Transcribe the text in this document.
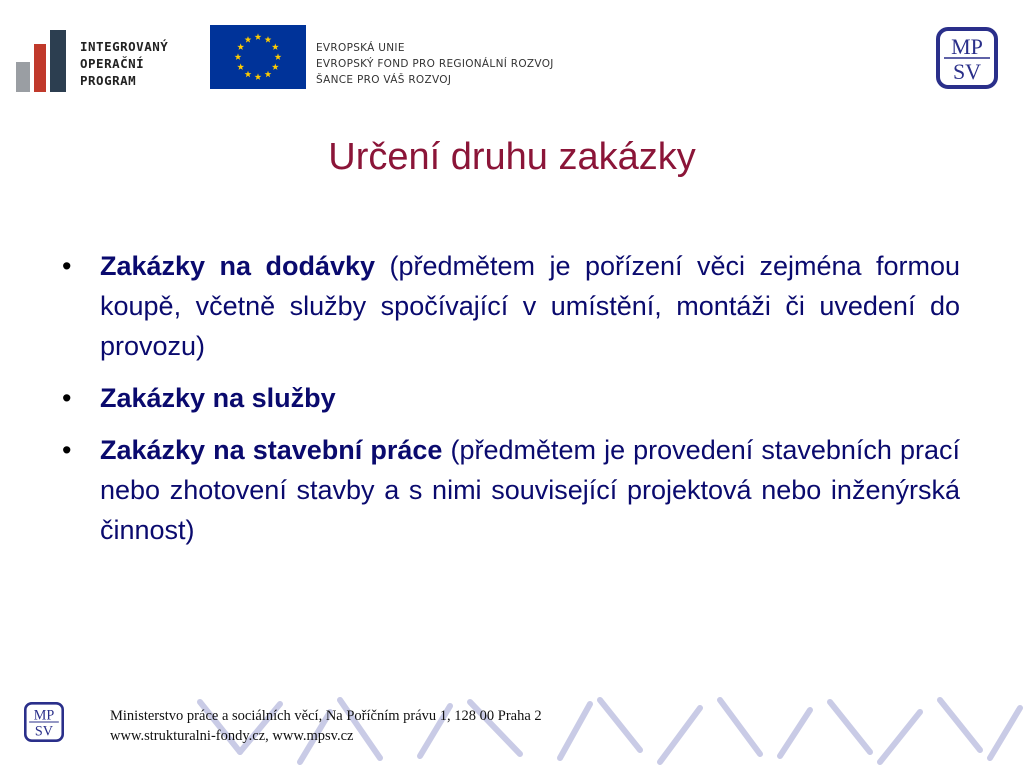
INTEGROVANÝ
OPERAČNÍ
PROGRAM
EVROPSKÁ UNIE
EVROPSKÝ FOND PRO REGIONÁLNÍ ROZVOJ
ŠANCE PRO VÁŠ ROZVOJ
MP
SV
Určení druhu zakázky
• Zakázky na dodávky (předmětem je pořízení věci zejména formou koupě, včetně služby spočívající v umístění, montáži či uvedení do provozu)
• Zakázky na služby
• Zakázky na stavební práce (předmětem je provedení stavebních prací nebo zhotovení stavby a s nimi související projektová nebo inženýrská činnost)
MP
SV
Ministerstvo práce a sociálních věcí, Na Poříčním právu 1, 128 00 Praha 2
www.strukturalni-fondy.cz, www.mpsv.cz
